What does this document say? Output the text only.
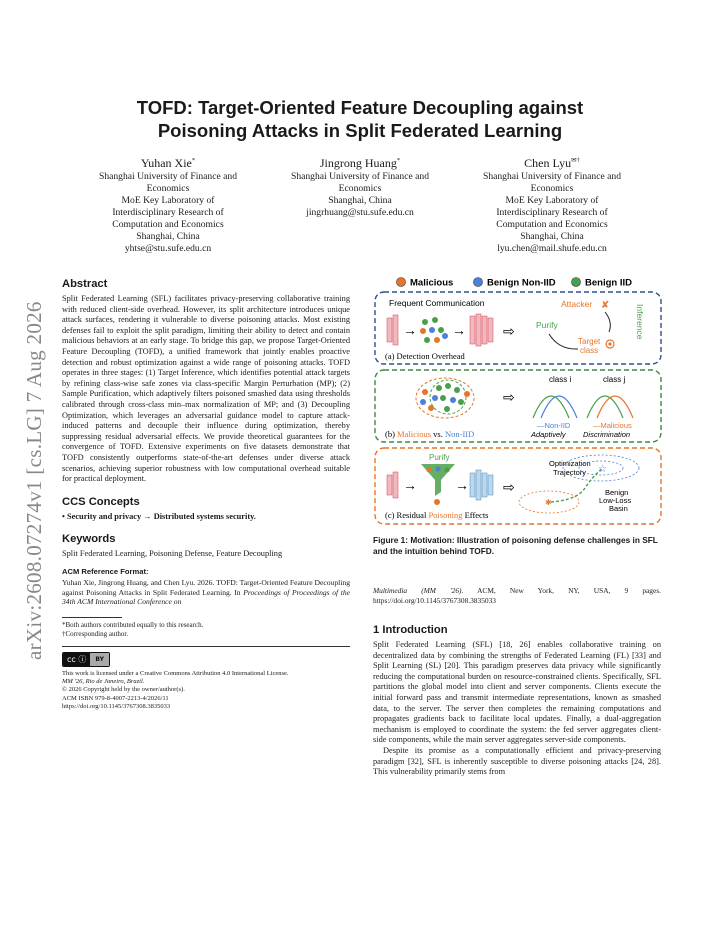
arXiv:2608.07274v1 [cs.LG] 7 Aug 2026
TOFD: Target-Oriented Feature Decoupling against
Poisoning Attacks in Split Federated Learning
Yuhan Xie*
Shanghai University of Finance and
Economics
MoE Key Laboratory of
Interdisciplinary Research of
Computation and Economics
Shanghai, China
yhtse@stu.sufe.edu.cn
Jingrong Huang*
Shanghai University of Finance and
Economics
Shanghai, China
jingrhuang@stu.sufe.edu.cn
Chen Lyu✉†
Shanghai University of Finance and
Economics
MoE Key Laboratory of
Interdisciplinary Research of
Computation and Economics
Shanghai, China
lyu.chen@mail.shufe.edu.cn
Abstract

Split Federated Learning (SFL) facilitates privacy-preserving collaborative training with reduced client-side overhead. However, its split architecture introduces unique attack surfaces, rendering it vulnerable to diverse poisoning attacks. Most existing defenses fail to exploit the split paradigm, limiting their ability to detect and contain malicious behaviors at an early stage. To bridge this gap, we propose Target-Oriented Feature Decoupling (TOFD), a unified framework that jointly enables proactive detection and robust optimization against a wide range of poisoning attacks. TOFD operates in three stages: (1) Target Inference, which identifies potential attack targets by refining class-wise safe zones via class-specific Margin Perturbation (MP); (2) Sample Purification, which adaptively filters poisoned smashed data using thresholds calibrated through cross-class min–max normalization of MP; and (3) Decoupling Optimization, which leverages an adversarial guidance model to capture attack-induced patterns and decouple their influence during optimization, thereby suppressing residual adversarial effects. We provide theoretical guarantees for the convergence of TOFD. Extensive experiments on five datasets demonstrate that TOFD consistently outperforms state-of-the-art defenses under diverse attack scenarios, achieving superior robustness with low computational overhead suitable for practical deployment.

CCS Concepts

• Security and privacy → Distributed systems security.

Keywords

Split Federated Learning, Poisoning Defense, Feature Decoupling

ACM Reference Format:

Yuhan Xie, Jingrong Huang, and Chen Lyu. 2026. TOFD: Target-Oriented Feature Decoupling against Poisoning Attacks in Split Federated Learning. In Proceedings of Proceedings of the 34th ACM International Conference on

*Both authors contributed equally to this research.
†Corresponding author.
cc ⓘ	BY
This work is licensed under a Creative Commons Attribution 4.0 International License.
MM '26, Rio de Janeiro, Brazil.
© 2026 Copyright held by the owner/author(s).
ACM ISBN 979-8-4007-2213-4/2026/11
https://doi.org/10.1145/3767308.3835033
Malicious	Benign Non-IID	Benign IID
Frequent Communication
→	→	⇨
Attacker ✘
Purify
Target
class
Inference
(a) Detection Overhead
⇨
class i	class j
—Non-IID	—Malicious
Adaptively Discrimination
(b) Malicious vs. Non-IID
Purify
→	→ ⇨
Optimization
Trajectory
✱
☆
Benign
Low-Loss
Basin
(c) Residual Poisoning Effects
Figure 1: Motivation: Illustration of poisoning defense challenges in SFL and the intuition behind TOFD.

Multimedia (MM '26). ACM, New York, NY, USA, 9 pages. https://doi.org/10.1145/3767308.3835033

1 Introduction

Split Federated Learning (SFL) [18, 26] enables collaborative training on decentralized data by combining the strengths of Federated Learning (FL) [33] and Split Learning (SL) [20]. This paradigm preserves data privacy while significantly reducing the computational burden on resource-constrained clients. Specifically, SFL partitions the global model into client and server components. Clients execute the initial forward pass and transmit intermediate representations, known as smashed data, to the server. The server then completes the remaining computations and propagates gradients back to facilitate local updates. Finally, a dual-aggregation mechanism is employed to coordinate the system: the fed server aggregates client-side components, while the main server aggregates server-side components.

Despite its promise as a computationally efficient and privacy-preserving paradigm [32], SFL is inherently susceptible to diverse poisoning attacks [24, 28]. This vulnerability primarily stems from
